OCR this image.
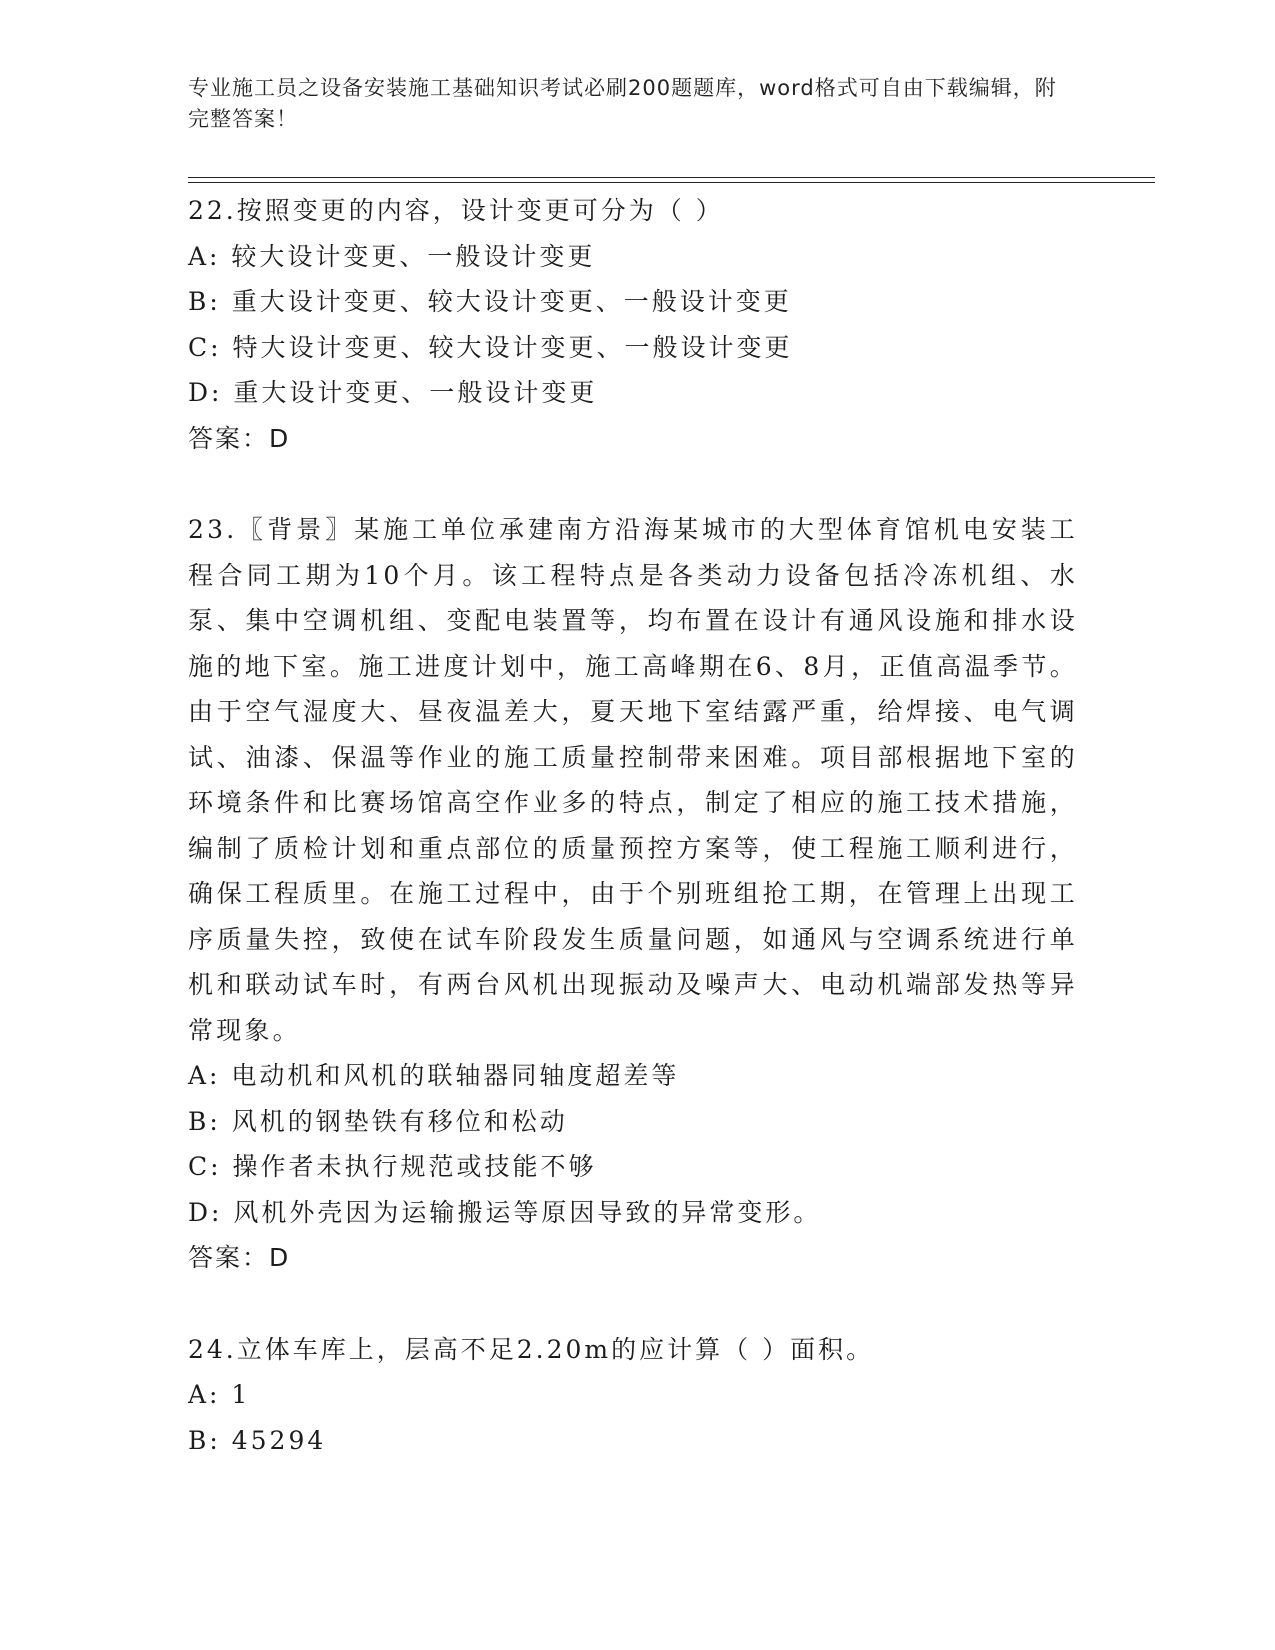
专业施工员之设备安装施工基础知识考试必刷200题题库，word格式可自由下载编辑，附完整答案！
22.按照变更的内容，设计变更可分为（ ）
A: 较大设计变更、一般设计变更
B: 重大设计变更、较大设计变更、一般设计变更
C: 特大设计变更、较大设计变更、一般设计变更
D: 重大设计变更、一般设计变更
答案：D
23.〖背景〗某施工单位承建南方沿海某城市的大型体育馆机电安装工程合同工期为10个月。该工程特点是各类动力设备包括冷冻机组、水泵、集中空调机组、变配电装置等，均布置在设计有通风设施和排水设施的地下室。施工进度计划中，施工高峰期在6、8月，正值高温季节。由于空气湿度大、昼夜温差大，夏天地下室结露严重，给焊接、电气调试、油漆、保温等作业的施工质量控制带来困难。项目部根据地下室的环境条件和比赛场馆高空作业多的特点，制定了相应的施工技术措施，编制了质检计划和重点部位的质量预控方案等，使工程施工顺利进行，确保工程质里。在施工过程中，由于个别班组抢工期，在管理上出现工序质量失控，致使在试车阶段发生质量问题，如通风与空调系统进行单机和联动试车时，有两台风机出现振动及噪声大、电动机端部发热等异常现象。
A: 电动机和风机的联轴器同轴度超差等
B: 风机的钢垫铁有移位和松动
C: 操作者未执行规范或技能不够
D: 风机外壳因为运输搬运等原因导致的异常变形。
答案：D
24.立体车库上，层高不足2.20m的应计算（ ）面积。
A: 1
B: 45294
